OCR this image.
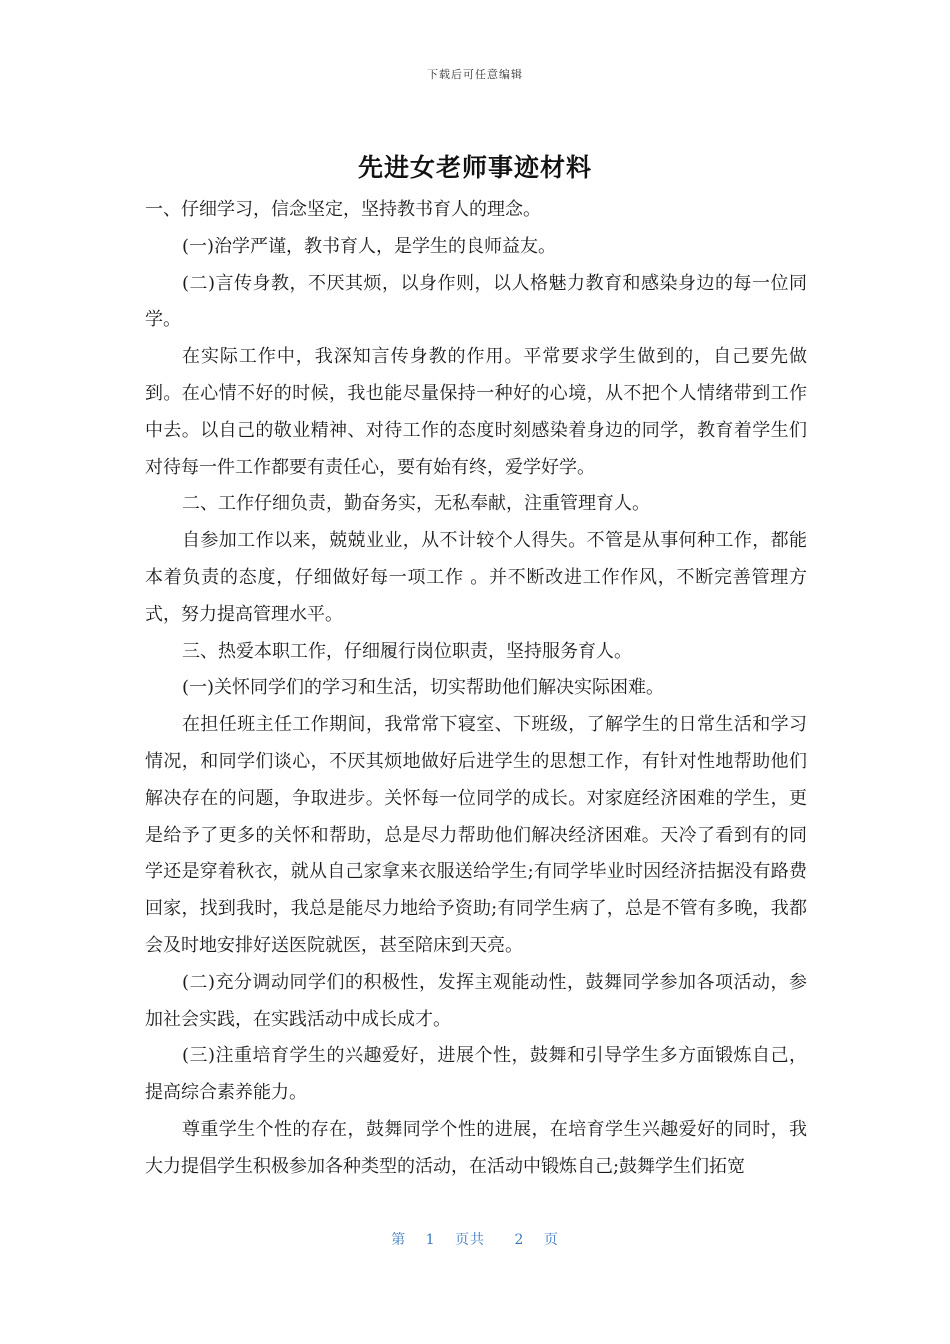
下载后可任意编辑
先进女老师事迹材料

一、仔细学习，信念坚定，坚持教书育人的理念。

(一)治学严谨，教书育人，是学生的良师益友。

(二)言传身教，不厌其烦，以身作则，以人格魅力教育和感染身边的每一位同学。

在实际工作中，我深知言传身教的作用。平常要求学生做到的，自己要先做到。在心情不好的时候，我也能尽量保持一种好的心境，从不把个人情绪带到工作中去。以自己的敬业精神、对待工作的态度时刻感染着身边的同学，教育着学生们对待每一件工作都要有责任心，要有始有终，爱学好学。

二、工作仔细负责，勤奋务实，无私奉献，注重管理育人。

自参加工作以来，兢兢业业，从不计较个人得失。不管是从事何种工作，都能本着负责的态度，仔细做好每一项工作 。并不断改进工作作风，不断完善管理方式，努力提高管理水平。

三、热爱本职工作，仔细履行岗位职责，坚持服务育人。

(一)关怀同学们的学习和生活，切实帮助他们解决实际困难。

在担任班主任工作期间，我常常下寝室、下班级，了解学生的日常生活和学习情况，和同学们谈心，不厌其烦地做好后进学生的思想工作，有针对性地帮助他们解决存在的问题，争取进步。关怀每一位同学的成长。对家庭经济困难的学生，更是给予了更多的关怀和帮助，总是尽力帮助他们解决经济困难。天冷了看到有的同学还是穿着秋衣，就从自己家拿来衣服送给学生;有同学毕业时因经济拮据没有路费回家，找到我时，我总是能尽力地给予资助;有同学生病了，总是不管有多晚，我都会及时地安排好送医院就医，甚至陪床到天亮。

(二)充分调动同学们的积极性，发挥主观能动性，鼓舞同学参加各项活动，参加社会实践，在实践活动中成长成才。

(三)注重培育学生的兴趣爱好，进展个性，鼓舞和引导学生多方面锻炼自己，提高综合素养能力。

尊重学生个性的存在，鼓舞同学个性的进展，在培育学生兴趣爱好的同时，我大力提倡学生积极参加各种类型的活动，在活动中锻炼自己;鼓舞学生们拓宽

第 1 页共 2 页
